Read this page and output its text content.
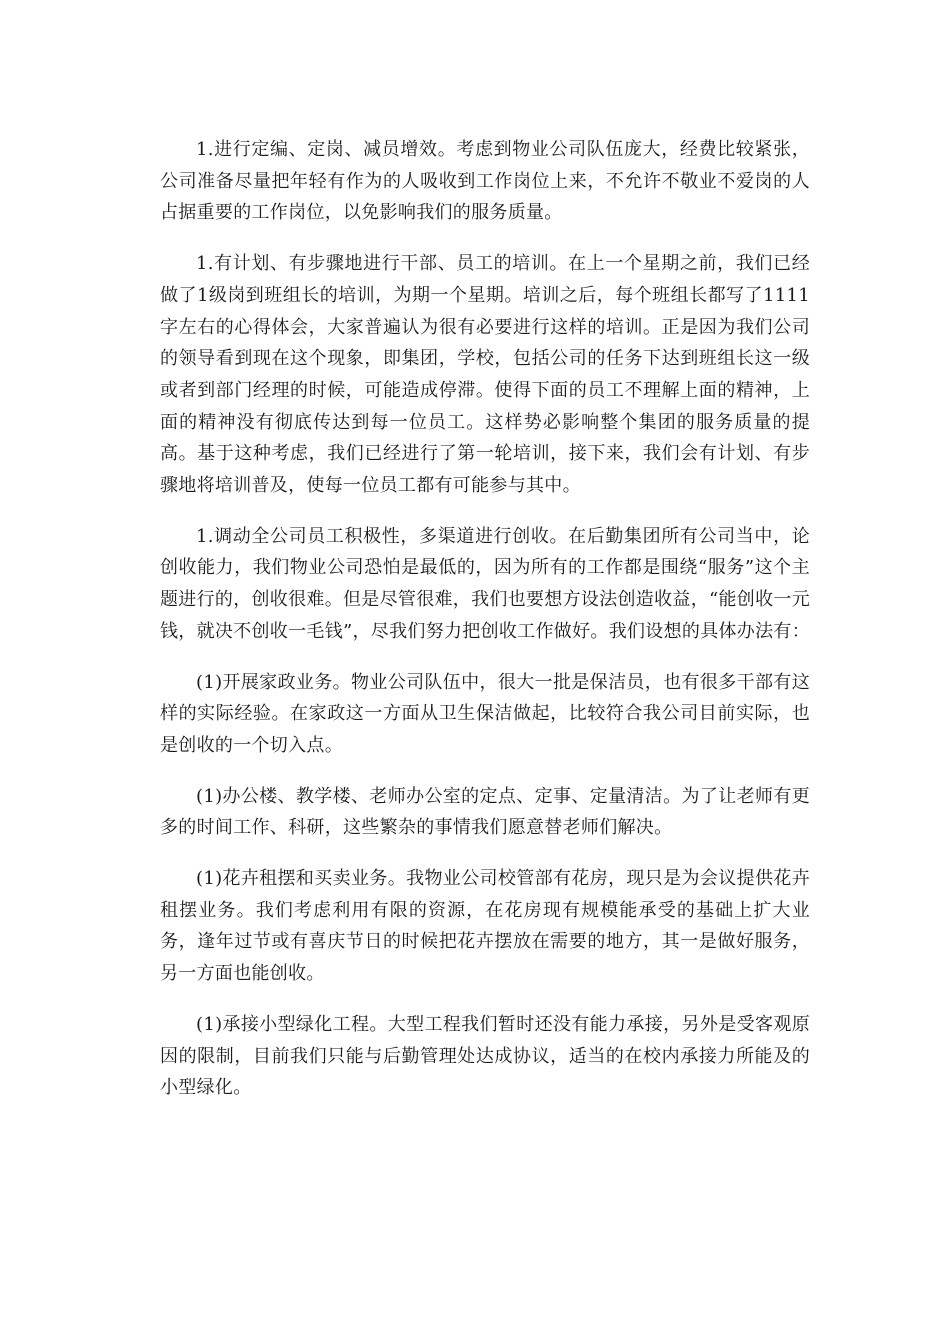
1.进行定编、定岗、减员增效。考虑到物业公司队伍庞大，经费比较紧张，公司准备尽量把年轻有作为的人吸收到工作岗位上来，不允许不敬业不爱岗的人占据重要的工作岗位，以免影响我们的服务质量。

1.有计划、有步骤地进行干部、员工的培训。在上一个星期之前，我们已经做了1级岗到班组长的培训，为期一个星期。培训之后，每个班组长都写了1111字左右的心得体会，大家普遍认为很有必要进行这样的培训。正是因为我们公司的领导看到现在这个现象，即集团，学校，包括公司的任务下达到班组长这一级或者到部门经理的时候，可能造成停滞。使得下面的员工不理解上面的精神，上面的精神没有彻底传达到每一位员工。这样势必影响整个集团的服务质量的提高。基于这种考虑，我们已经进行了第一轮培训，接下来，我们会有计划、有步骤地将培训普及，使每一位员工都有可能参与其中。

1.调动全公司员工积极性，多渠道进行创收。在后勤集团所有公司当中，论创收能力，我们物业公司恐怕是最低的，因为所有的工作都是围绕“服务”这个主题进行的，创收很难。但是尽管很难，我们也要想方设法创造收益，“能创收一元钱，就决不创收一毛钱”，尽我们努力把创收工作做好。我们设想的具体办法有：

(1)开展家政业务。物业公司队伍中，很大一批是保洁员，也有很多干部有这样的实际经验。在家政这一方面从卫生保洁做起，比较符合我公司目前实际，也是创收的一个切入点。

(1)办公楼、教学楼、老师办公室的定点、定事、定量清洁。为了让老师有更多的时间工作、科研，这些繁杂的事情我们愿意替老师们解决。

(1)花卉租摆和买卖业务。我物业公司校管部有花房，现只是为会议提供花卉租摆业务。我们考虑利用有限的资源，在花房现有规模能承受的基础上扩大业务，逢年过节或有喜庆节日的时候把花卉摆放在需要的地方，其一是做好服务，另一方面也能创收。

(1)承接小型绿化工程。大型工程我们暂时还没有能力承接，另外是受客观原因的限制，目前我们只能与后勤管理处达成协议，适当的在校内承接力所能及的小型绿化。
